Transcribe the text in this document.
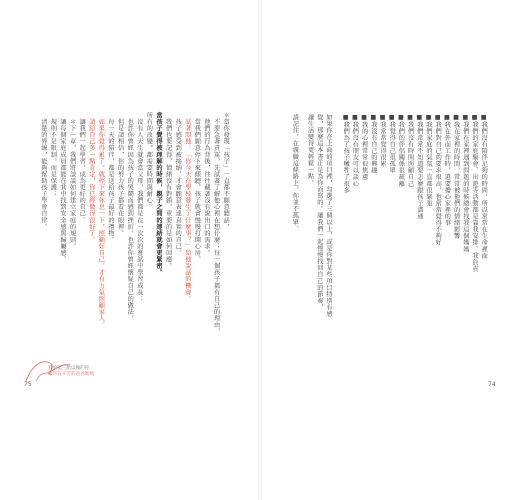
＊當你發現「孩子」一直都不願意聽話，
　不要急著責罵，先試著了解他心裡在想什麼；每一個孩子都有自己的理由，
　他們的行為背後，往往藏著沒有說出口的需求。
　當我們願意停下來傾聽，孩子就會慢慢打開心房。
　試著問他：「你今天在學校發生了什麼事？」給他說話的機會。
　孩子感受到被接納，才會願意表達真實的自己。
　我們也要記得，情緒沒有對錯，重要的是如何回應。
當孩子覺得被理解的時候，親子之間的連結就會更緊密。
所有的改變，都需要時間與耐心。
　沒有人天生就會當父母，我們都是在一次次的嘗試中學習成長；
　也許你曾經因為孩子的哭鬧而感到挫折，也許你曾經懷疑自己的做法，
　但是請相信，你的努力孩子都看在眼裡。
　每一天的陪伴，都是送給孩子最好的禮物。
　如果你覺得累了，就停下來休息一下，照顧好自己，才有力氣照顧家人。
　請給自己多一點肯定，你已經做得很好了。
　讓我們一起學習，成為更好的自己。
　＊下一章，我們將談談如何建立家庭的規則，
　讓每個家庭成員都能在其中找到安全感與歸屬感。
　規則不是限制，而是保護；
　清楚的界線，能夠幫助孩子學會自律。
寫給第三胎以後的你
給所有辛苦的爸爸媽媽
75
■我們沒有陪伴足夠的時間，所以常常在生命裡面
■我們的家庭聚會、出遊等活動都是靠我安排、我負責
■我們在家裡遇到問題的時候總會找我這個媽媽
■我在家裡的時間，常常被他們的情緒影響
■我在外面工作時，還要擔心家裡的事
■我們對自己的要求很高，也常常覺得不夠好
■我們家庭的氣氛一直都很緊張
■我們常常不知道要怎麼跟孩子溝通
■我們沒有時間照顧自己
■我們的伴侶關係很疏離
■我覺得自己很孤單
■我常常覺得很累
■我沒有自己的興趣
■我的心裡常常很焦慮
■我們沒有朋友可以談心
■我們為了孩子犧牲了很多
如果你在上面的項目裡，勾選了三個以上，或是你對某些項目特別有感
覺，那麼這本書正是為你而寫的。讓我們一起慢慢找回自己的節奏，
讓生活變得更輕鬆一點。
請記住，在親職這條路上，你並不孤單。
74
